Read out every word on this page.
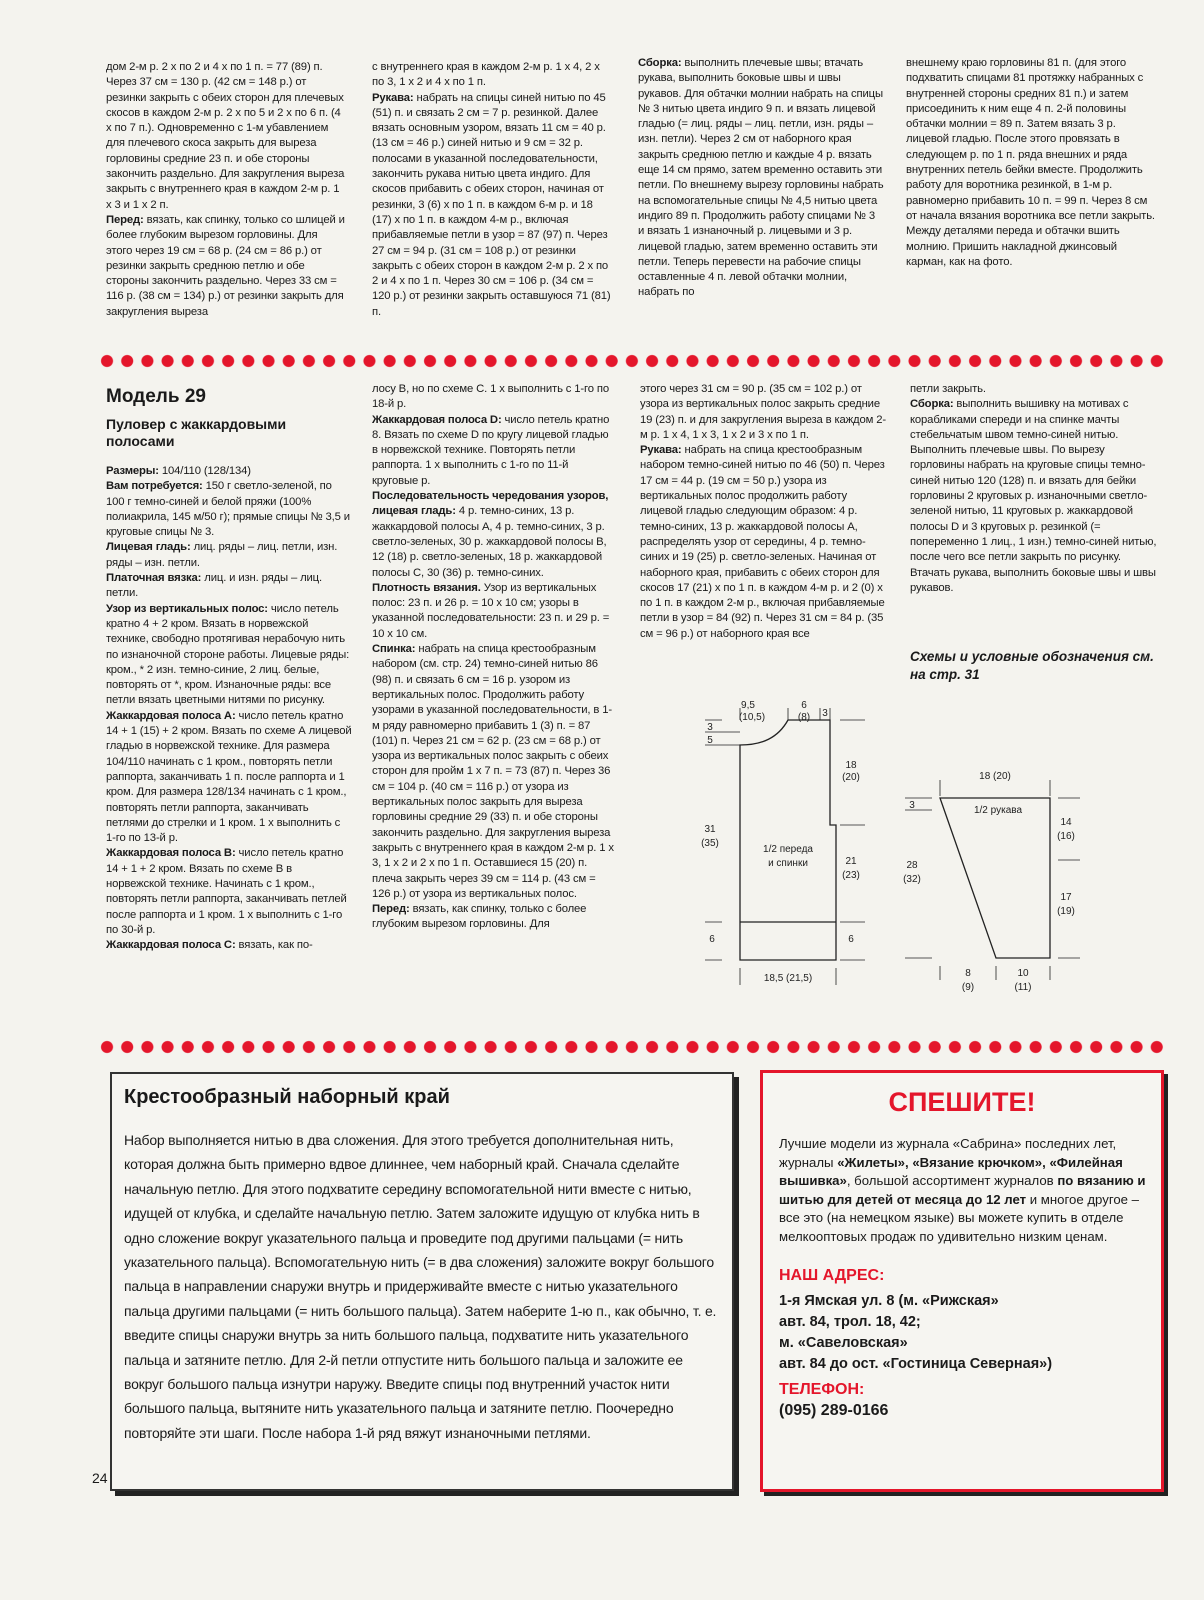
дом 2-м р. 2 х по 2 и 4 х по 1 п. = 77 (89) п. Через 37 см = 130 р. (42 см = 148 р.) от резинки закрыть с обеих сторон для плечевых скосов в каждом 2-м р. 2 х по 5 и 2 х по 6 п. (4 х по 7 п.). Одновременно с 1-м убавлением для плечевого скоса закрыть для выреза горловины средние 23 п. и обе стороны закончить раздельно. Для закругления выреза закрыть с внутреннего края в каждом 2-м р. 1 х 3 и 1 х 2 п.

Перед: вязать, как спинку, только со шлицей и более глубоким вырезом горловины. Для этого через 19 см = 68 р. (24 см = 86 р.) от резинки закрыть среднюю петлю и обе стороны закончить раздельно. Через 33 см = 116 р. (38 см = 134) р.) от резинки закрыть для закругления выреза

с внутреннего края в каждом 2-м р. 1 х 4, 2 х по 3, 1 х 2 и 4 х по 1 п.

Рукава: набрать на спицы синей нитью по 45 (51) п. и связать 2 см = 7 р. резинкой. Далее вязать основным узором, вязать 11 см = 40 р. (13 см = 46 р.) синей нитью и 9 см = 32 р. полосами в указанной последовательности, закончить рукава нитью цвета индиго. Для скосов прибавить с обеих сторон, начиная от резинки, 3 (6) х по 1 п. в каждом 6-м р. и 18 (17) х по 1 п. в каждом 4-м р., включая прибавляемые петли в узор = 87 (97) п. Через 27 см = 94 р. (31 см = 108 р.) от резинки закрыть с обеих сторон в каждом 2-м р. 2 х по 2 и 4 х по 1 п. Через 30 см = 106 р. (34 см = 120 р.) от резинки закрыть оставшуюся 71 (81) п.

Сборка: выполнить плечевые швы; втачать рукава, выполнить боковые швы и швы рукавов. Для обтачки молнии набрать на спицы № 3 нитью цвета индиго 9 п. и вязать лицевой гладью (= лиц. ряды – лиц. петли, изн. ряды – изн. петли). Через 2 см от наборного края закрыть среднюю петлю и каждые 4 р. вязать еще 14 см прямо, затем временно оставить эти петли. По внешнему вырезу горловины набрать на вспомогательные спицы № 4,5 нитью цвета индиго 89 п. Продолжить работу спицами № 3 и вязать 1 изнаночный р. лицевыми и 3 р. лицевой гладью, затем временно оставить эти петли. Теперь перевести на рабочие спицы оставленные 4 п. левой обтачки молнии, набрать по

внешнему краю горловины 81 п. (для этого подхватить спицами 81 протяжку набранных с внутренней стороны средних 81 п.) и затем присоединить к ним еще 4 п. 2-й половины обтачки молнии = 89 п. Затем вязать 3 р. лицевой гладью. После этого провязать в следующем р. по 1 п. ряда внешних и ряда внутренних петель бейки вместе. Продолжить работу для воротника резинкой, в 1-м р. равномерно прибавить 10 п. = 99 п. Через 8 см от начала вязания воротника все петли закрыть. Между деталями переда и обтачки вшить молнию. Пришить накладной джинсовый карман, как на фото.

Модель 29
Пуловер с жаккардовыми полосами

Размеры: 104/110 (128/134)

Вам потребуется: 150 г светло-зеленой, по 100 г темно-синей и белой пряжи (100% полиакрила, 145 м/50 г); прямые спицы № 3,5 и круговые спицы № 3.

Лицевая гладь: лиц. ряды – лиц. петли, изн. ряды – изн. петли.

Платочная вязка: лиц. и изн. ряды – лиц. петли.

Узор из вертикальных полос: число петель кратно 4 + 2 кром. Вязать в норвежской технике, свободно протягивая нерабочую нить по изнаночной стороне работы. Лицевые ряды: кром., * 2 изн. темно-синие, 2 лиц. белые, повторять от *, кром. Изнаночные ряды: все петли вязать цветными нитями по рисунку.

Жаккардовая полоса А: число петель кратно 14 + 1 (15) + 2 кром. Вязать по схеме А лицевой гладью в норвежской технике. Для размера 104/110 начинать с 1 кром., повторять петли раппорта, заканчивать 1 п. после раппорта и 1 кром. Для размера 128/134 начинать с 1 кром., повторять петли раппорта, заканчивать петлями до стрелки и 1 кром. 1 х выполнить с 1-го по 13-й р.

Жаккардовая полоса В: число петель кратно 14 + 1 + 2 кром. Вязать по схеме В в норвежской технике. Начинать с 1 кром., повторять петли раппорта, заканчивать петлей после раппорта и 1 кром. 1 х выполнить с 1-го по 30-й р.

Жаккардовая полоса С: вязать, как по-

лосу В, но по схеме С. 1 х выполнить с 1-го по 18-й р.

Жаккардовая полоса D: число петель кратно 8. Вязать по схеме D по кругу лицевой гладью в норвежской технике. Повторять петли раппорта. 1 х выполнить с 1-го по 11-й круговые р.

Последовательность чередования узоров, лицевая гладь: 4 р. темно-синих, 13 р. жаккардовой полосы А, 4 р. темно-синих, 3 р. светло-зеленых, 30 р. жаккардовой полосы В, 12 (18) р. светло-зеленых, 18 р. жаккардовой полосы С, 30 (36) р. темно-синих.

Плотность вязания. Узор из вертикальных полос: 23 п. и 26 р. = 10 х 10 см; узоры в указанной последовательности: 23 п. и 29 р. = 10 х 10 см.

Спинка: набрать на спица крестообразным набором (см. стр. 24) темно-синей нитью 86 (98) п. и связать 6 см = 16 р. узором из вертикальных полос. Продолжить работу узорами в указанной последовательности, в 1-м ряду равномерно прибавить 1 (3) п. = 87 (101) п. Через 21 см = 62 р. (23 см = 68 р.) от узора из вертикальных полос закрыть с обеих сторон для пройм 1 х 7 п. = 73 (87) п. Через 36 см = 104 р. (40 см = 116 р.) от узора из вертикальных полос закрыть для выреза горловины средние 29 (33) п. и обе стороны закончить раздельно. Для закругления выреза закрыть с внутреннего края в каждом 2-м р. 1 х 3, 1 х 2 и 2 х по 1 п. Оставшиеся 15 (20) п. плеча закрыть через 39 см = 114 р. (43 см = 126 р.) от узора из вертикальных полос.

Перед: вязать, как спинку, только с более глубоким вырезом горловины. Для

этого через 31 см = 90 р. (35 см = 102 р.) от узора из вертикальных полос закрыть средние 19 (23) п. и для закругления выреза в каждом 2-м р. 1 х 4, 1 х 3, 1 х 2 и 3 х по 1 п.

Рукава: набрать на спица крестообразным набором темно-синей нитью по 46 (50) п. Через 17 см = 44 р. (19 см = 50 р.) узора из вертикальных полос продолжить работу лицевой гладью следующим образом: 4 р. темно-синих, 13 р. жаккардовой полосы А, распределять узор от середины, 4 р. темно-синих и 19 (25) р. светло-зеленых. Начиная от наборного края, прибавить с обеих сторон для скосов 17 (21) х по 1 п. в каждом 4-м р. и 2 (0) х по 1 п. в каждом 2-м р., включая прибавляемые петли в узор = 84 (92) п. Через 31 см = 84 р. (35 см = 96 р.) от наборного края все

петли закрыть.

Сборка: выполнить вышивку на мотивах с корабликами спереди и на спинке мачты стебельчатым швом темно-синей нитью. Выполнить плечевые швы. По вырезу горловины набрать на круговые спицы темно-синей нитью 120 (128) п. и вязать для бейки горловины 2 круговых р. изнаночными светло-зеленой нитью, 11 круговых р. жаккардовой полосы D и 3 круговых р. резинкой (= попеременно 1 лиц., 1 изн.) темно-синей нитью, после чего все петли закрыть по рисунку. Втачать рукава, выполнить боковые швы и швы рукавов.

Схемы и условные обозначения см. на стр. 31
9,5
(10,5)
6
(8) 3
3
5
18
(20)
31
(35)
1/2 переда
и спинки	21
(23)
6	6
18,5 (21,5)
18 (20)
3	1/2 рукава
14
(16)
28
(32)
17
(19)
8
(9)
10
(11)
Крестообразный наборный край
Набор выполняется нитью в два сложения. Для этого требуется дополнительная нить, которая должна быть примерно вдвое длиннее, чем наборный край. Сначала сделайте начальную петлю. Для этого подхватите середину вспомогательной нити вместе с нитью, идущей от клубка, и сделайте начальную петлю. Затем заложите идущую от клубка нить в одно сложение вокруг указательного пальца и проведите под другими пальцами (= нить указательного пальца). Вспомогательную нить (= в два сложения) заложите вокруг большого пальца в направлении снаружи внутрь и придерживайте вместе с нитью указательного пальца другими пальцами (= нить большого пальца). Затем наберите 1-ю п., как обычно, т. е. введите спицы снаружи внутрь за нить большого пальца, подхватите нить указательного пальца и затяните петлю. Для 2-й петли отпустите нить большого пальца и заложите ее вокруг большого пальца изнутри наружу. Введите спицы под внутренний участок нити большого пальца, вытяните нить указательного пальца и затяните петлю. Поочередно повторяйте эти шаги. После набора 1-й ряд вяжут изнаночными петлями.
СПЕШИТЕ!
Лучшие модели из журнала «Сабрина» последних лет, журналы «Жилеты», «Вязание крючком», «Филейная вышивка», большой ассортимент журналов по вязанию и шитью для детей от месяца до 12 лет и многое другое – все это (на немецком языке) вы можете купить в отделе мелкооптовых продаж по удивительно низким ценам.
НАШ АДРЕС:
1-я Ямская ул. 8 (м. «Рижская»
авт. 84, трол. 18, 42;
м. «Савеловская»
авт. 84 до ост. «Гостиница Северная»)
ТЕЛЕФОН:
(095) 289-0166
24
